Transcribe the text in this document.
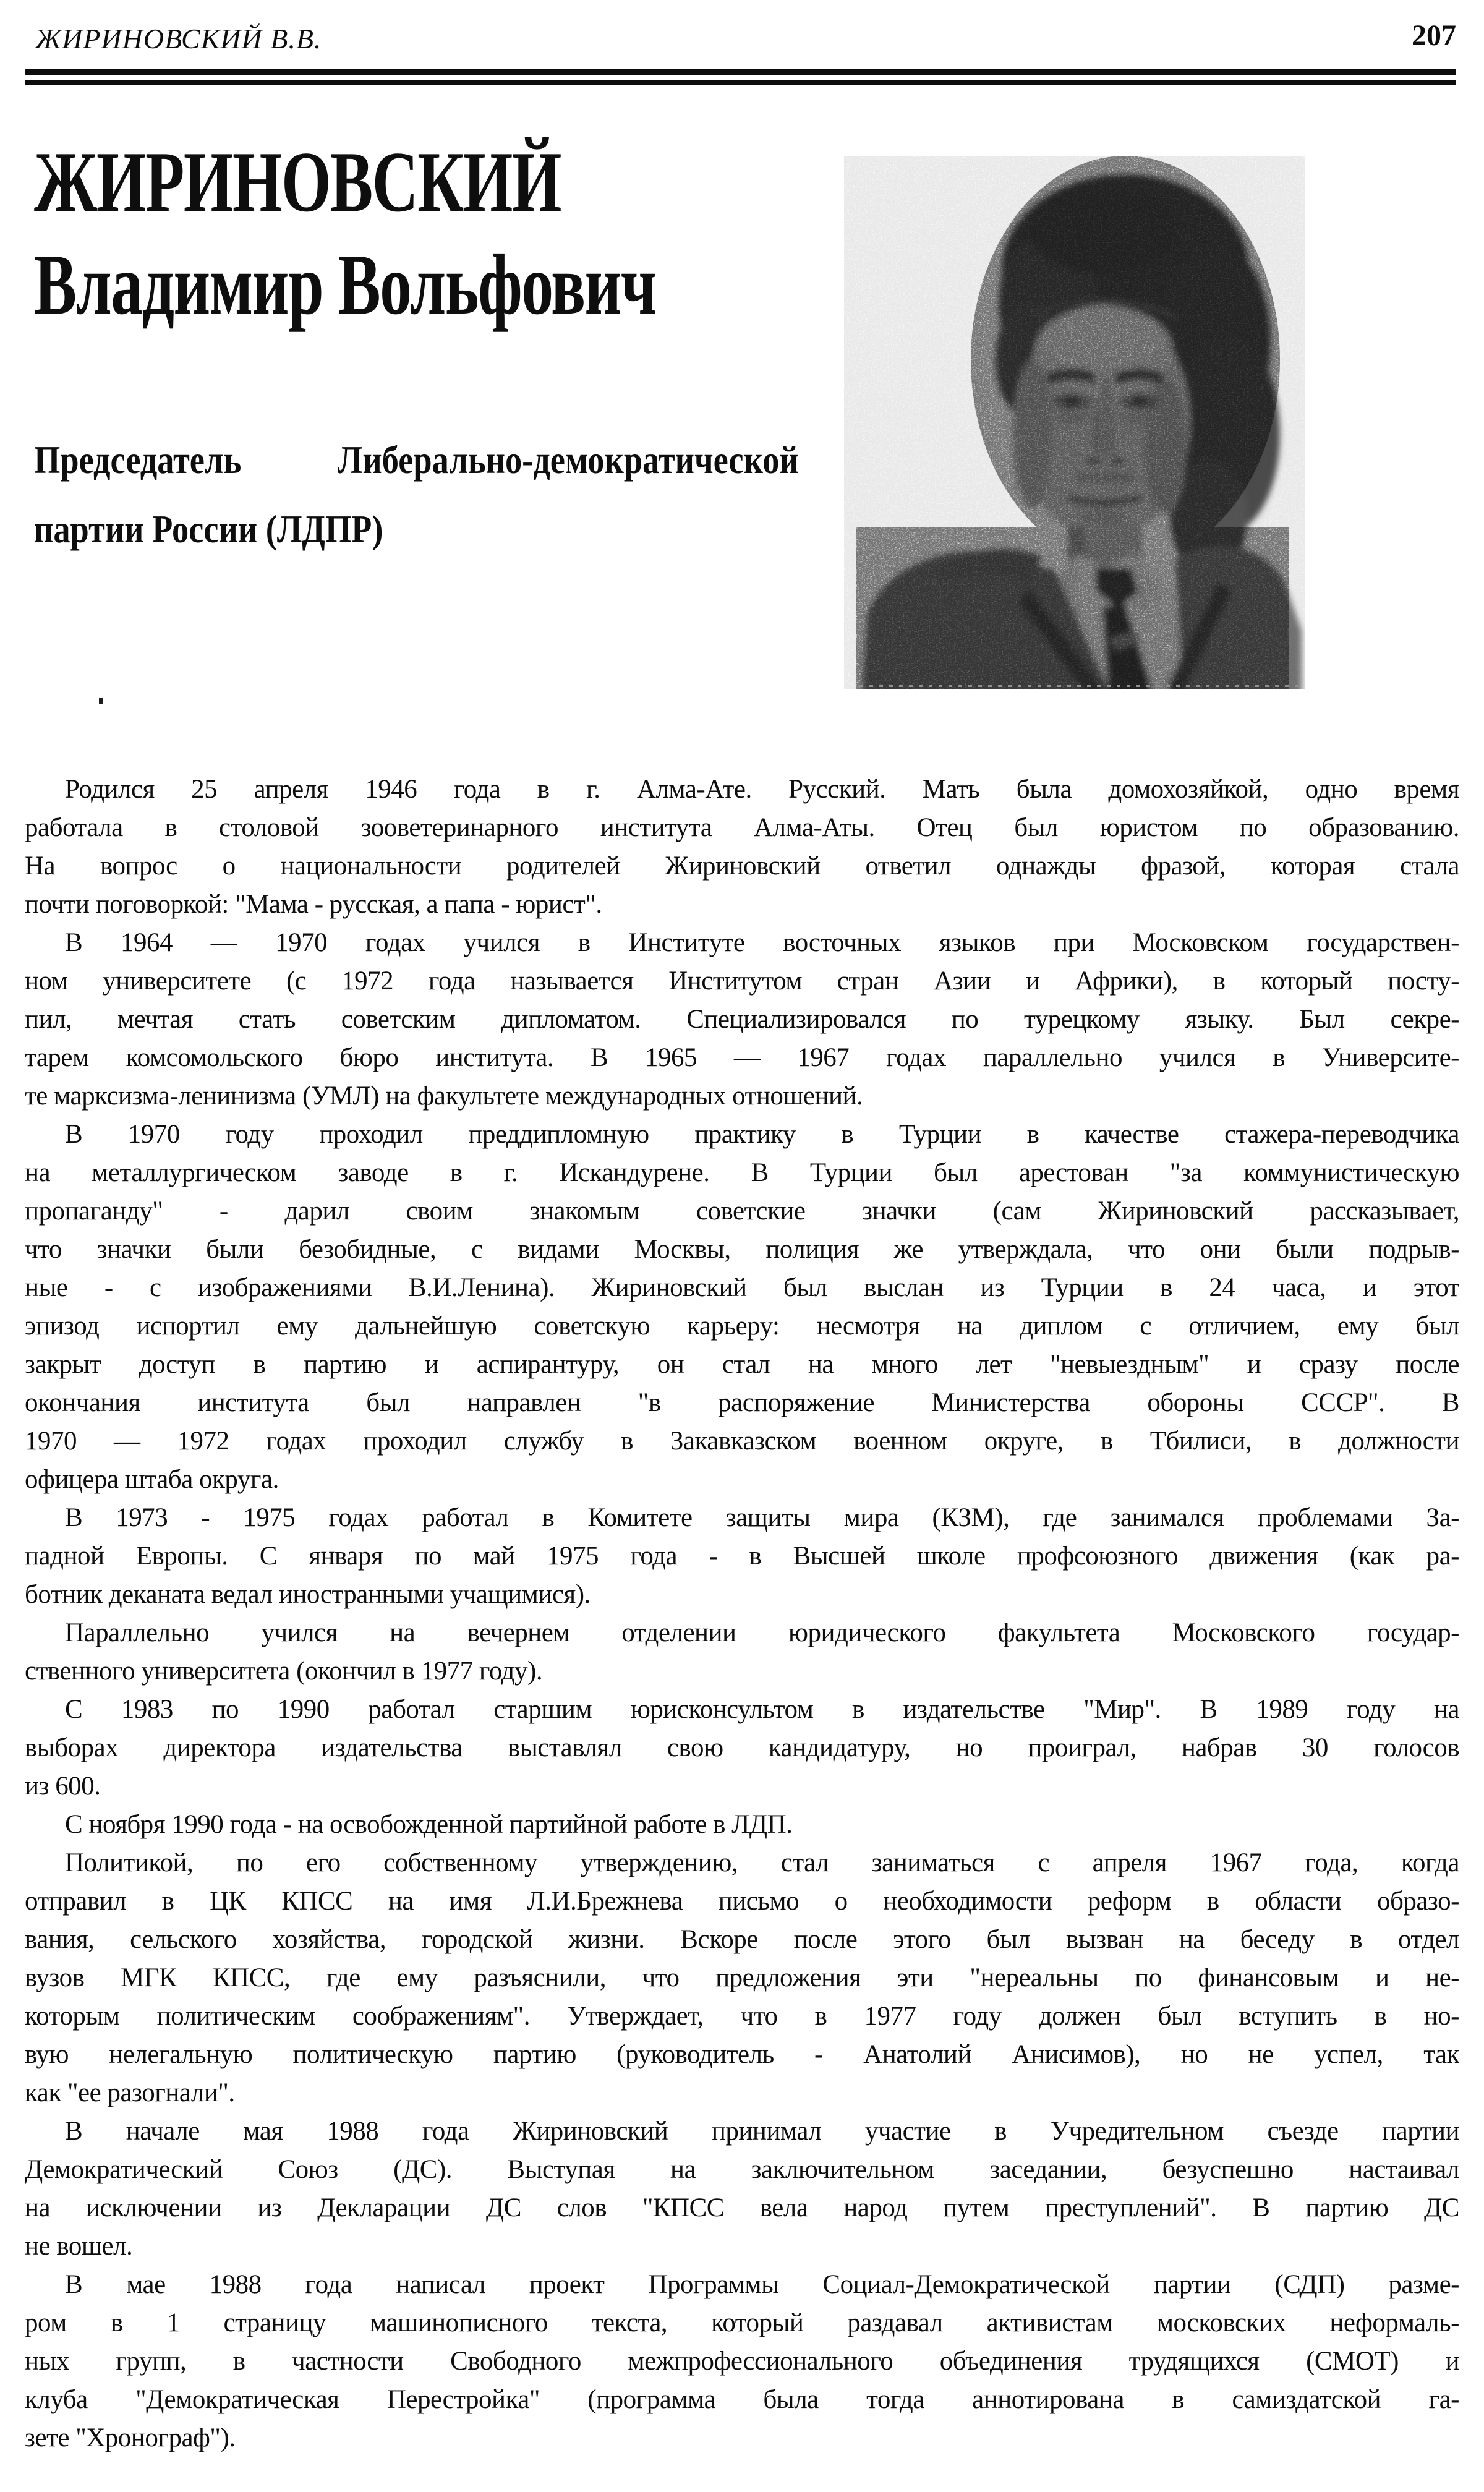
ЖИРИНОВСКИЙ В.В.	207
ЖИРИНОВСКИЙ
Владимир Вольфович
Председатель Либерально-демократической
партии России (ЛДПР)
Родился 25 апреля 1946 года в г. Алма-Ате. Русский. Мать была домохозяйкой, одно время
работала в столовой зооветеринарного института Алма-Аты. Отец был юристом по образованию.
На вопрос о национальности родителей Жириновский ответил однажды фразой, которая стала
почти поговоркой: "Мама - русская, а папа - юрист".
В 1964 — 1970 годах учился в Институте восточных языков при Московском государствен-
ном университете (с 1972 года называется Институтом стран Азии и Африки), в который посту-
пил, мечтая стать советским дипломатом. Специализировался по турецкому языку. Был секре-
тарем комсомольского бюро института. В 1965 — 1967 годах параллельно учился в Университе-
те марксизма-ленинизма (УМЛ) на факультете международных отношений.
В 1970 году проходил преддипломную практику в Турции в качестве стажера-переводчика
на металлургическом заводе в г. Искандурене. В Турции был арестован "за коммунистическую
пропаганду" - дарил своим знакомым советские значки (сам Жириновский рассказывает,
что значки были безобидные, с видами Москвы, полиция же утверждала, что они были подрыв-
ные - с изображениями В.И.Ленина). Жириновский был выслан из Турции в 24 часа, и этот
эпизод испортил ему дальнейшую советскую карьеру: несмотря на диплом с отличием, ему был
закрыт доступ в партию и аспирантуру, он стал на много лет "невыездным" и сразу после
окончания института был направлен "в распоряжение Министерства обороны СССР". В
1970 — 1972 годах проходил службу в Закавказском военном округе, в Тбилиси, в должности
офицера штаба округа.
В 1973 - 1975 годах работал в Комитете защиты мира (КЗМ), где занимался проблемами За-
падной Европы. С января по май 1975 года - в Высшей школе профсоюзного движения (как ра-
ботник деканата ведал иностранными учащимися).
Параллельно учился на вечернем отделении юридического факультета Московского государ-
ственного университета (окончил в 1977 году).
С 1983 по 1990 работал старшим юрисконсультом в издательстве "Мир". В 1989 году на
выборах директора издательства выставлял свою кандидатуру, но проиграл, набрав 30 голосов
из 600.
С ноября 1990 года - на освобожденной партийной работе в ЛДП.
Политикой, по его собственному утверждению, стал заниматься с апреля 1967 года, когда
отправил в ЦК КПСС на имя Л.И.Брежнева письмо о необходимости реформ в области образо-
вания, сельского хозяйства, городской жизни. Вскоре после этого был вызван на беседу в отдел
вузов МГК КПСС, где ему разъяснили, что предложения эти "нереальны по финансовым и не-
которым политическим соображениям". Утверждает, что в 1977 году должен был вступить в но-
вую нелегальную политическую партию (руководитель - Анатолий Анисимов), но не успел, так
как "ее разогнали".
В начале мая 1988 года Жириновский принимал участие в Учредительном съезде партии
Демократический Союз (ДС). Выступая на заключительном заседании, безуспешно настаивал
на исключении из Декларации ДС слов "КПСС вела народ путем преступлений". В партию ДС
не вошел.
В мае 1988 года написал проект Программы Социал-Демократической партии (СДП) разме-
ром в 1 страницу машинописного текста, который раздавал активистам московских неформаль-
ных групп, в частности Свободного межпрофессионального объединения трудящихся (СМОТ) и
клуба "Демократическая Перестройка" (программа была тогда аннотирована в самиздатской га-
зете "Хронограф").
